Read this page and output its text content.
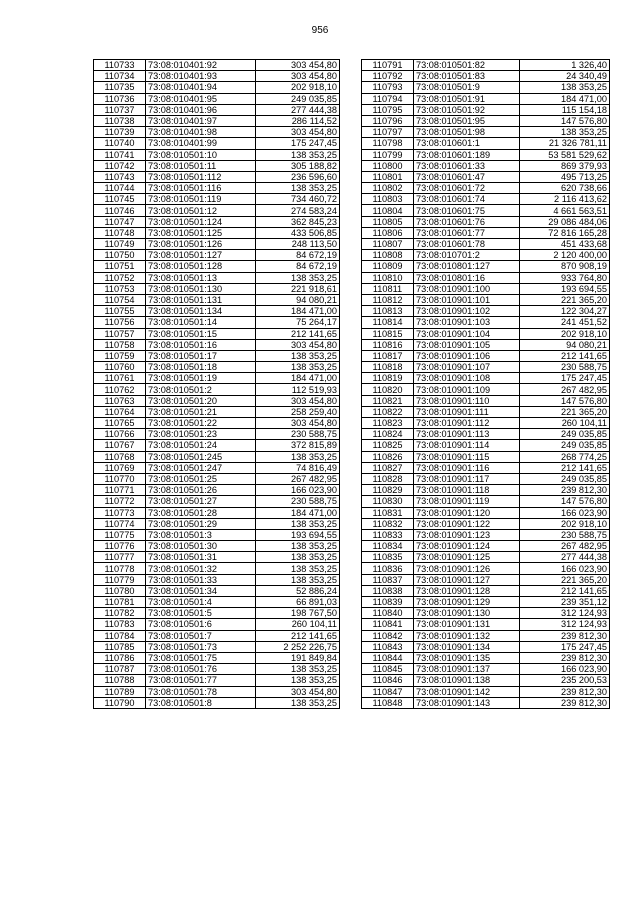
956
110733	73:08:010401:92	303 454,80
110734	73:08:010401:93	303 454,80
110735	73:08:010401:94	202 918,10
110736	73:08:010401:95	249 035,85
110737	73:08:010401:96	277 444,38
110738	73:08:010401:97	286 114,52
110739	73:08:010401:98	303 454,80
110740	73:08:010401:99	175 247,45
110741	73:08:010501:10	138 353,25
110742	73:08:010501:11	305 188,82
110743	73:08:010501:112	236 596,60
110744	73:08:010501:116	138 353,25
110745	73:08:010501:119	734 460,72
110746	73:08:010501:12	274 583,24
110747	73:08:010501:124	362 845,23
110748	73:08:010501:125	433 506,85
110749	73:08:010501:126	248 113,50
110750	73:08:010501:127	84 672,19
110751	73:08:010501:128	84 672,19
110752	73:08:010501:13	138 353,25
110753	73:08:010501:130	221 918,61
110754	73:08:010501:131	94 080,21
110755	73:08:010501:134	184 471,00
110756	73:08:010501:14	75 264,17
110757	73:08:010501:15	212 141,65
110758	73:08:010501:16	303 454,80
110759	73:08:010501:17	138 353,25
110760	73:08:010501:18	138 353,25
110761	73:08:010501:19	184 471,00
110762	73:08:010501:2	112 519,93
110763	73:08:010501:20	303 454,80
110764	73:08:010501:21	258 259,40
110765	73:08:010501:22	303 454,80
110766	73:08:010501:23	230 588,75
110767	73:08:010501:24	372 815,89
110768	73:08:010501:245	138 353,25
110769	73:08:010501:247	74 816,49
110770	73:08:010501:25	267 482,95
110771	73:08:010501:26	166 023,90
110772	73:08:010501:27	230 588,75
110773	73:08:010501:28	184 471,00
110774	73:08:010501:29	138 353,25
110775	73:08:010501:3	193 694,55
110776	73:08:010501:30	138 353,25
110777	73:08:010501:31	138 353,25
110778	73:08:010501:32	138 353,25
110779	73:08:010501:33	138 353,25
110780	73:08:010501:34	52 886,24
110781	73:08:010501:4	66 891,03
110782	73:08:010501:5	198 767,50
110783	73:08:010501:6	260 104,11
110784	73:08:010501:7	212 141,65
110785	73:08:010501:73	2 252 226,75
110786	73:08:010501:75	191 849,84
110787	73:08:010501:76	138 353,25
110788	73:08:010501:77	138 353,25
110789	73:08:010501:78	303 454,80
110790	73:08:010501:8	138 353,25
110791	73:08:010501:82	1 326,40
110792	73:08:010501:83	24 340,49
110793	73:08:010501:9	138 353,25
110794	73:08:010501:91	184 471,00
110795	73:08:010501:92	115 154,18
110796	73:08:010501:95	147 576,80
110797	73:08:010501:98	138 353,25
110798	73:08:010601:1	21 326 781,11
110799	73:08:010601:189	53 581 529,62
110800	73:08:010601:33	869 379,93
110801	73:08:010601:47	495 713,25
110802	73:08:010601:72	620 738,66
110803	73:08:010601:74	2 116 413,62
110804	73:08:010601:75	4 661 563,51
110805	73:08:010601:76	29 086 484,06
110806	73:08:010601:77	72 816 165,28
110807	73:08:010601:78	451 433,68
110808	73:08:010701:2	2 120 400,00
110809	73:08:010801:127	870 908,19
110810	73:08:010801:16	933 764,80
110811	73:08:010901:100	193 694,55
110812	73:08:010901:101	221 365,20
110813	73:08:010901:102	122 304,27
110814	73:08:010901:103	241 451,52
110815	73:08:010901:104	202 918,10
110816	73:08:010901:105	94 080,21
110817	73:08:010901:106	212 141,65
110818	73:08:010901:107	230 588,75
110819	73:08:010901:108	175 247,45
110820	73:08:010901:109	267 482,95
110821	73:08:010901:110	147 576,80
110822	73:08:010901:111	221 365,20
110823	73:08:010901:112	260 104,11
110824	73:08:010901:113	249 035,85
110825	73:08:010901:114	249 035,85
110826	73:08:010901:115	268 774,25
110827	73:08:010901:116	212 141,65
110828	73:08:010901:117	249 035,85
110829	73:08:010901:118	239 812,30
110830	73:08:010901:119	147 576,80
110831	73:08:010901:120	166 023,90
110832	73:08:010901:122	202 918,10
110833	73:08:010901:123	230 588,75
110834	73:08:010901:124	267 482,95
110835	73:08:010901:125	277 444,38
110836	73:08:010901:126	166 023,90
110837	73:08:010901:127	221 365,20
110838	73:08:010901:128	212 141,65
110839	73:08:010901:129	239 351,12
110840	73:08:010901:130	312 124,93
110841	73:08:010901:131	312 124,93
110842	73:08:010901:132	239 812,30
110843	73:08:010901:134	175 247,45
110844	73:08:010901:135	239 812,30
110845	73:08:010901:137	166 023,90
110846	73:08:010901:138	235 200,53
110847	73:08:010901:142	239 812,30
110848	73:08:010901:143	239 812,30
